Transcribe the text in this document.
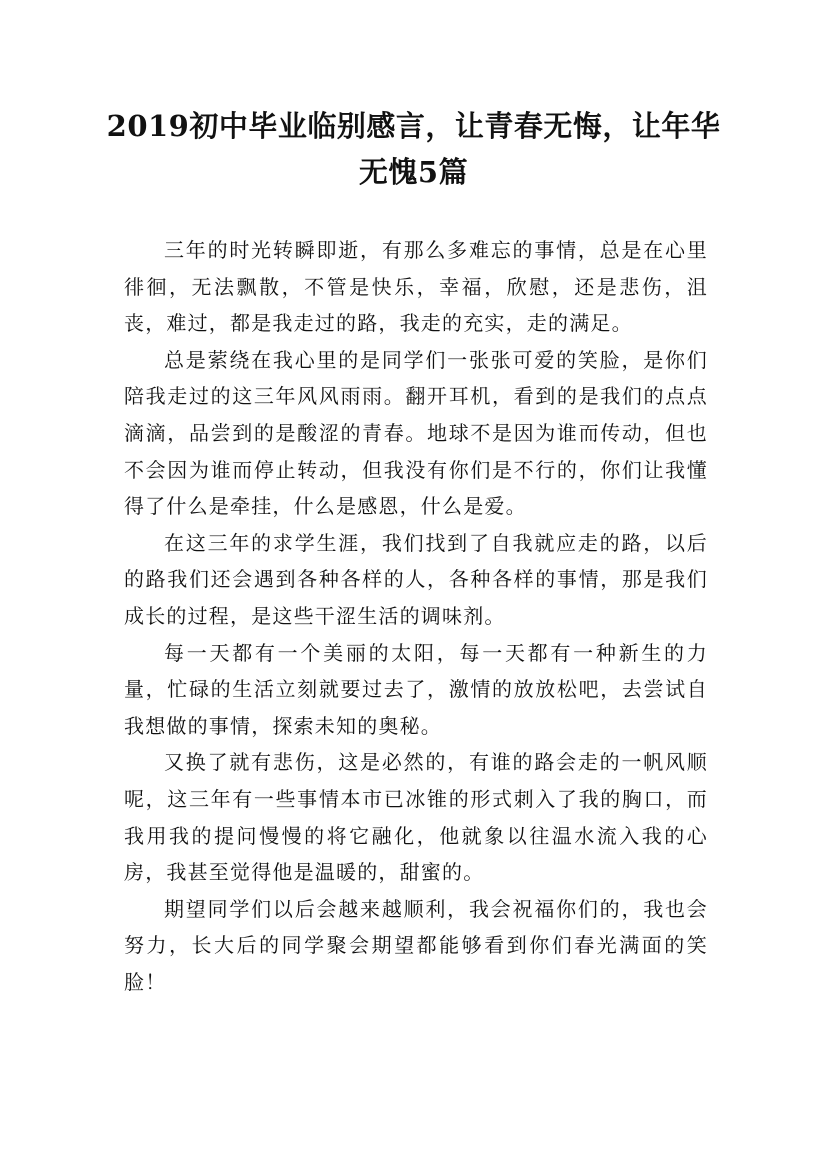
2019初中毕业临别感言，让青春无悔，让年华无愧5篇

三年的时光转瞬即逝，有那么多难忘的事情，总是在心里徘徊，无法飘散，不管是快乐，幸福，欣慰，还是悲伤，沮丧，难过，都是我走过的路，我走的充实，走的满足。

总是萦绕在我心里的是同学们一张张可爱的笑脸，是你们陪我走过的这三年风风雨雨。翻开耳机，看到的是我们的点点滴滴，品尝到的是酸涩的青春。地球不是因为谁而传动，但也不会因为谁而停止转动，但我没有你们是不行的，你们让我懂得了什么是牵挂，什么是感恩，什么是爱。

在这三年的求学生涯，我们找到了自我就应走的路，以后的路我们还会遇到各种各样的人，各种各样的事情，那是我们成长的过程，是这些干涩生活的调味剂。

每一天都有一个美丽的太阳，每一天都有一种新生的力量，忙碌的生活立刻就要过去了，激情的放放松吧，去尝试自我想做的事情，探索未知的奥秘。

又换了就有悲伤，这是必然的，有谁的路会走的一帆风顺呢，这三年有一些事情本市已冰锥的形式刺入了我的胸口，而我用我的提问慢慢的将它融化，他就象以往温水流入我的心房，我甚至觉得他是温暖的，甜蜜的。

期望同学们以后会越来越顺利，我会祝福你们的，我也会努力，长大后的同学聚会期望都能够看到你们春光满面的笑脸！
